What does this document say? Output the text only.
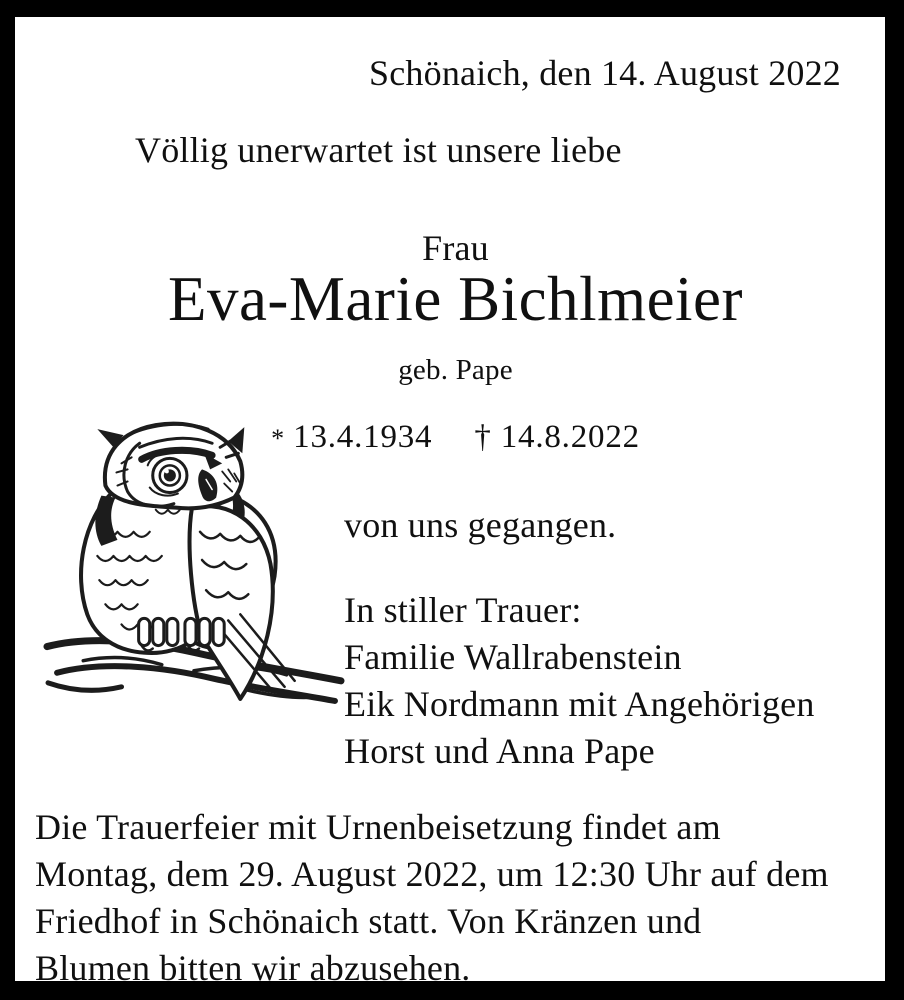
Schönaich, den 14. August 2022
Völlig unerwartet ist unsere liebe
Frau
Eva-Marie Bichlmeier
geb. Pape
* 13.4.1934 † 14.8.2022
von uns gegangen.
In stiller Trauer:
Familie Wallrabenstein
Eik Nordmann mit Angehörigen
Horst und Anna Pape
Die Trauerfeier mit Urnenbeisetzung findet am
Montag, dem 29. August 2022, um 12:30 Uhr auf dem
Friedhof in Schönaich statt. Von Kränzen und
Blumen bitten wir abzusehen.
